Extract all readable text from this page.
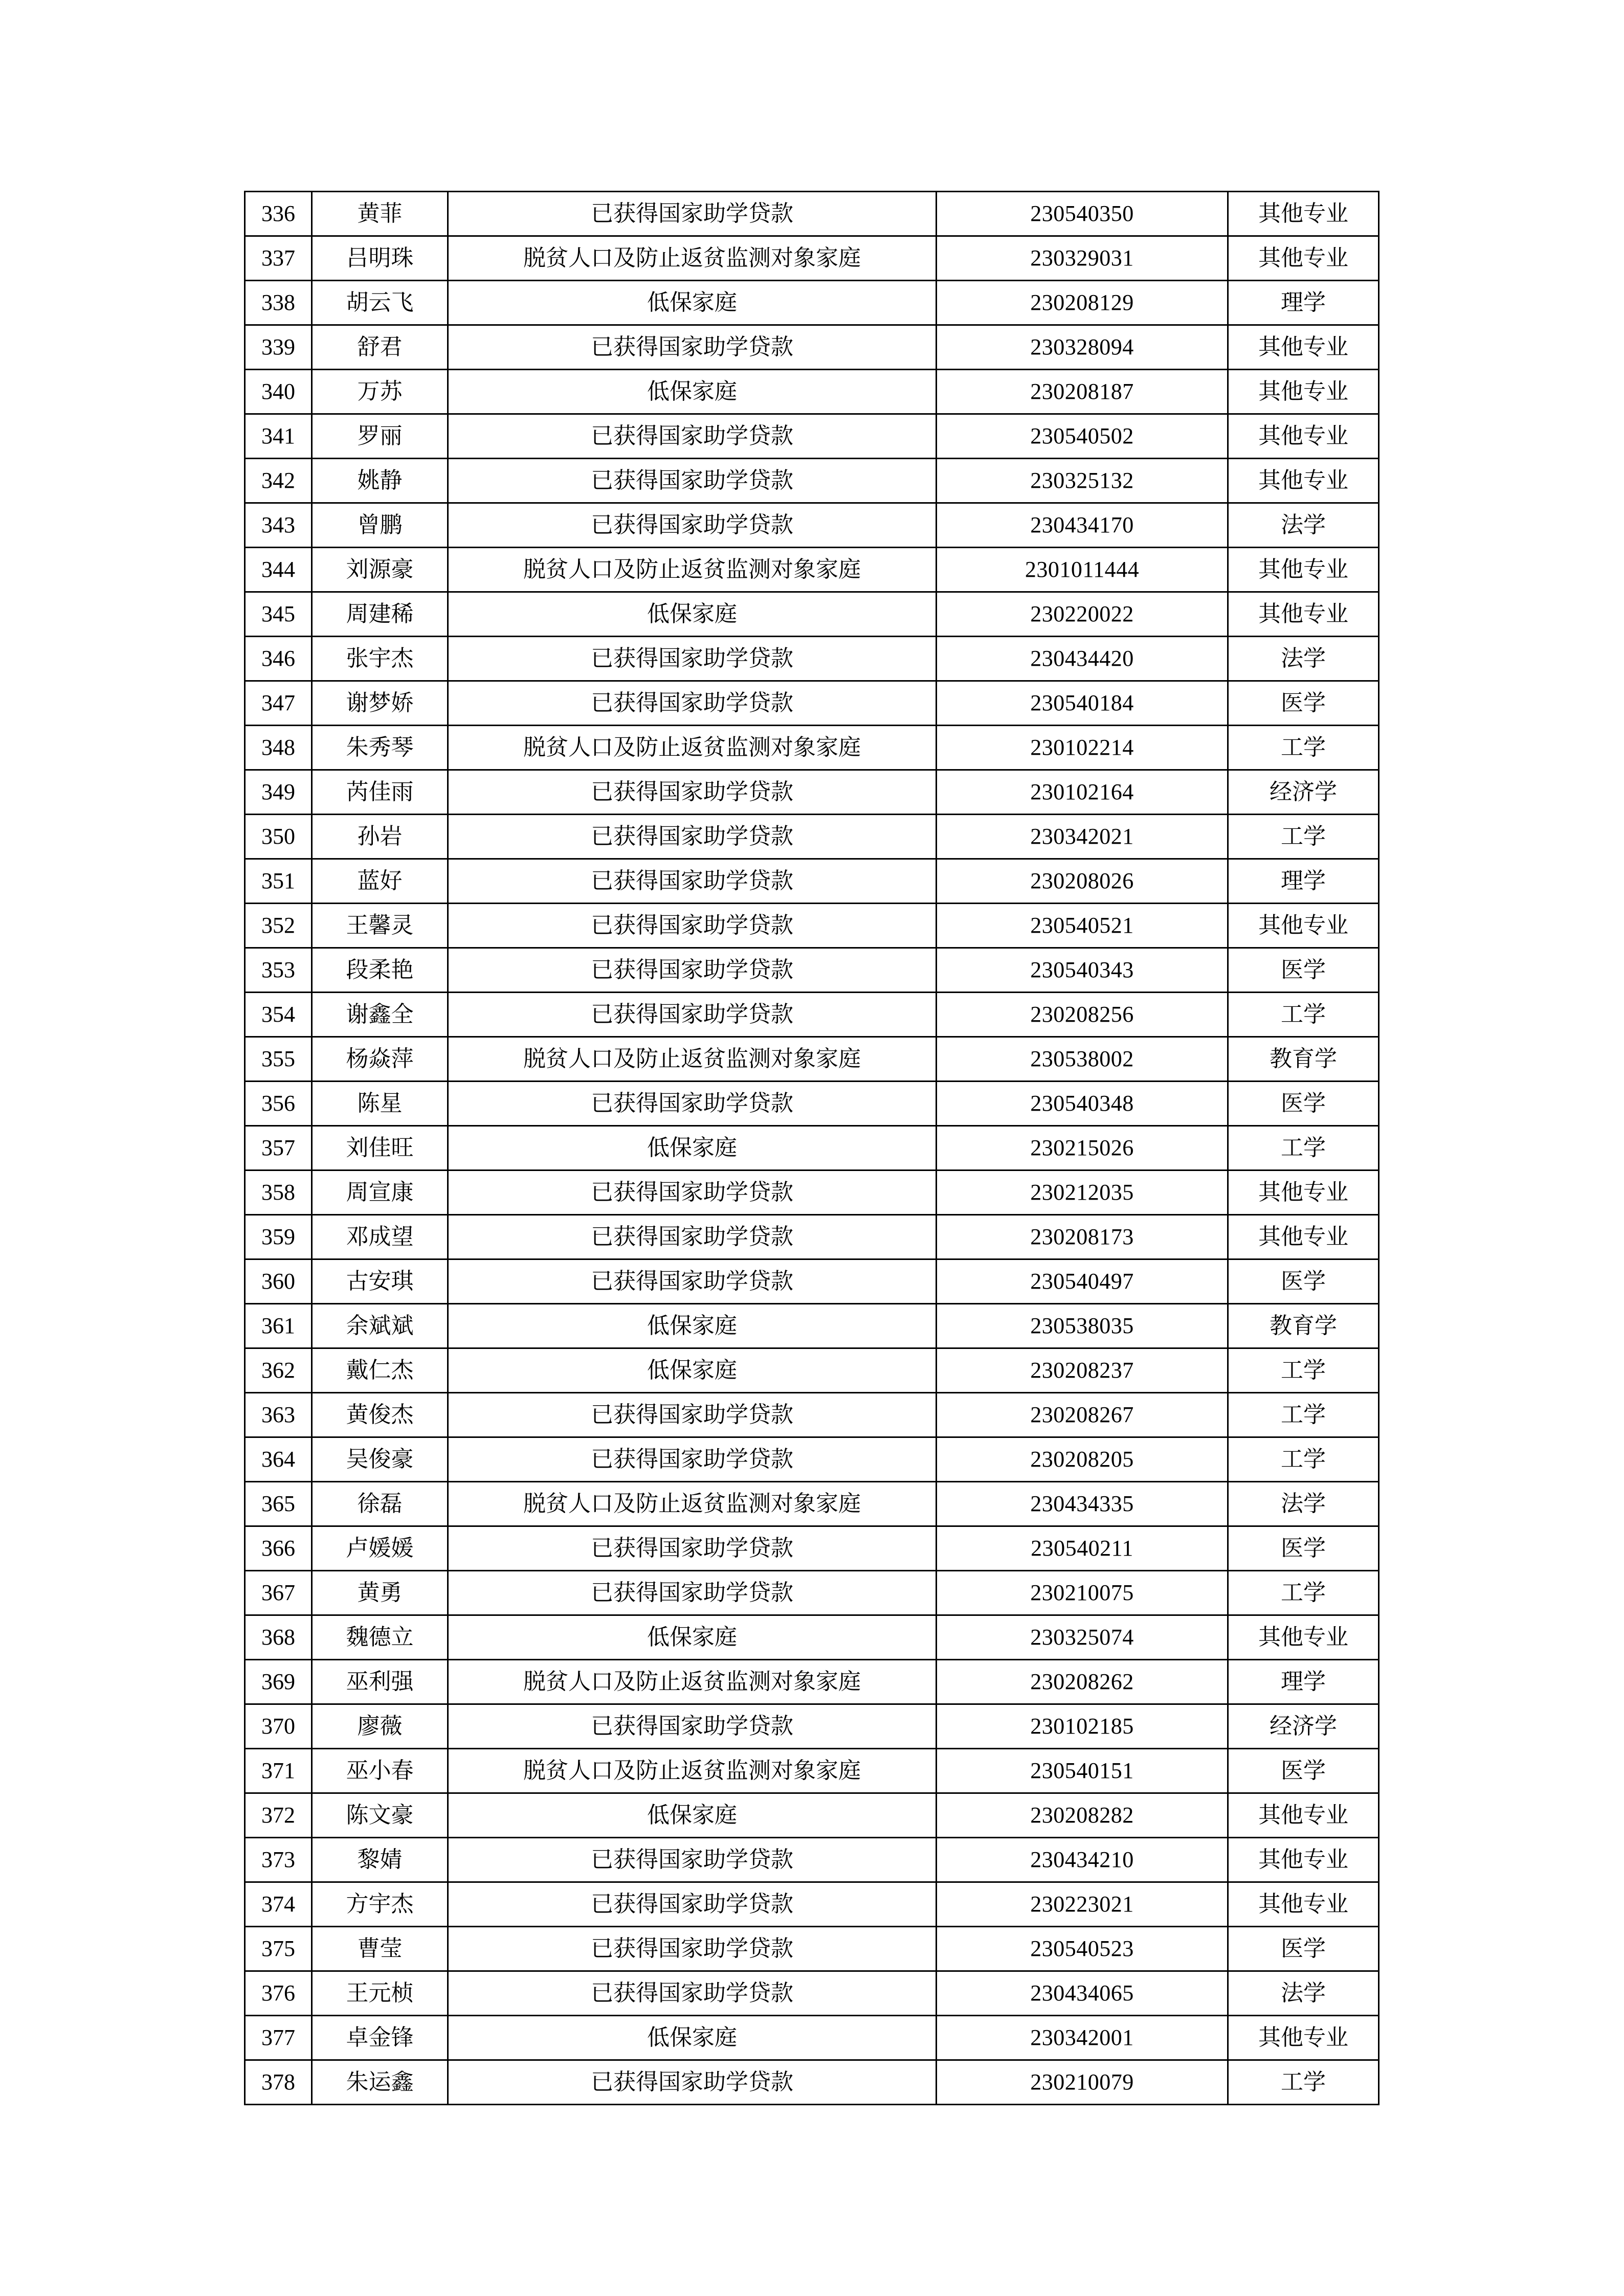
336	黄菲	已获得国家助学贷款	230540350	其他专业
337	吕明珠	脱贫人口及防止返贫监测对象家庭	230329031	其他专业
338	胡云飞	低保家庭	230208129	理学
339	舒君	已获得国家助学贷款	230328094	其他专业
340	万苏	低保家庭	230208187	其他专业
341	罗丽	已获得国家助学贷款	230540502	其他专业
342	姚静	已获得国家助学贷款	230325132	其他专业
343	曾鹏	已获得国家助学贷款	230434170	法学
344	刘源豪	脱贫人口及防止返贫监测对象家庭	2301011444	其他专业
345	周建稀	低保家庭	230220022	其他专业
346	张宇杰	已获得国家助学贷款	230434420	法学
347	谢梦娇	已获得国家助学贷款	230540184	医学
348	朱秀琴	脱贫人口及防止返贫监测对象家庭	230102214	工学
349	芮佳雨	已获得国家助学贷款	230102164	经济学
350	孙岩	已获得国家助学贷款	230342021	工学
351	蓝好	已获得国家助学贷款	230208026	理学
352	王馨灵	已获得国家助学贷款	230540521	其他专业
353	段柔艳	已获得国家助学贷款	230540343	医学
354	谢鑫全	已获得国家助学贷款	230208256	工学
355	杨焱萍	脱贫人口及防止返贫监测对象家庭	230538002	教育学
356	陈星	已获得国家助学贷款	230540348	医学
357	刘佳旺	低保家庭	230215026	工学
358	周宣康	已获得国家助学贷款	230212035	其他专业
359	邓成望	已获得国家助学贷款	230208173	其他专业
360	古安琪	已获得国家助学贷款	230540497	医学
361	余斌斌	低保家庭	230538035	教育学
362	戴仁杰	低保家庭	230208237	工学
363	黄俊杰	已获得国家助学贷款	230208267	工学
364	吴俊豪	已获得国家助学贷款	230208205	工学
365	徐磊	脱贫人口及防止返贫监测对象家庭	230434335	法学
366	卢媛媛	已获得国家助学贷款	230540211	医学
367	黄勇	已获得国家助学贷款	230210075	工学
368	魏德立	低保家庭	230325074	其他专业
369	巫利强	脱贫人口及防止返贫监测对象家庭	230208262	理学
370	廖薇	已获得国家助学贷款	230102185	经济学
371	巫小春	脱贫人口及防止返贫监测对象家庭	230540151	医学
372	陈文豪	低保家庭	230208282	其他专业
373	黎婧	已获得国家助学贷款	230434210	其他专业
374	方宇杰	已获得国家助学贷款	230223021	其他专业
375	曹莹	已获得国家助学贷款	230540523	医学
376	王元桢	已获得国家助学贷款	230434065	法学
377	卓金锋	低保家庭	230342001	其他专业
378	朱运鑫	已获得国家助学贷款	230210079	工学
